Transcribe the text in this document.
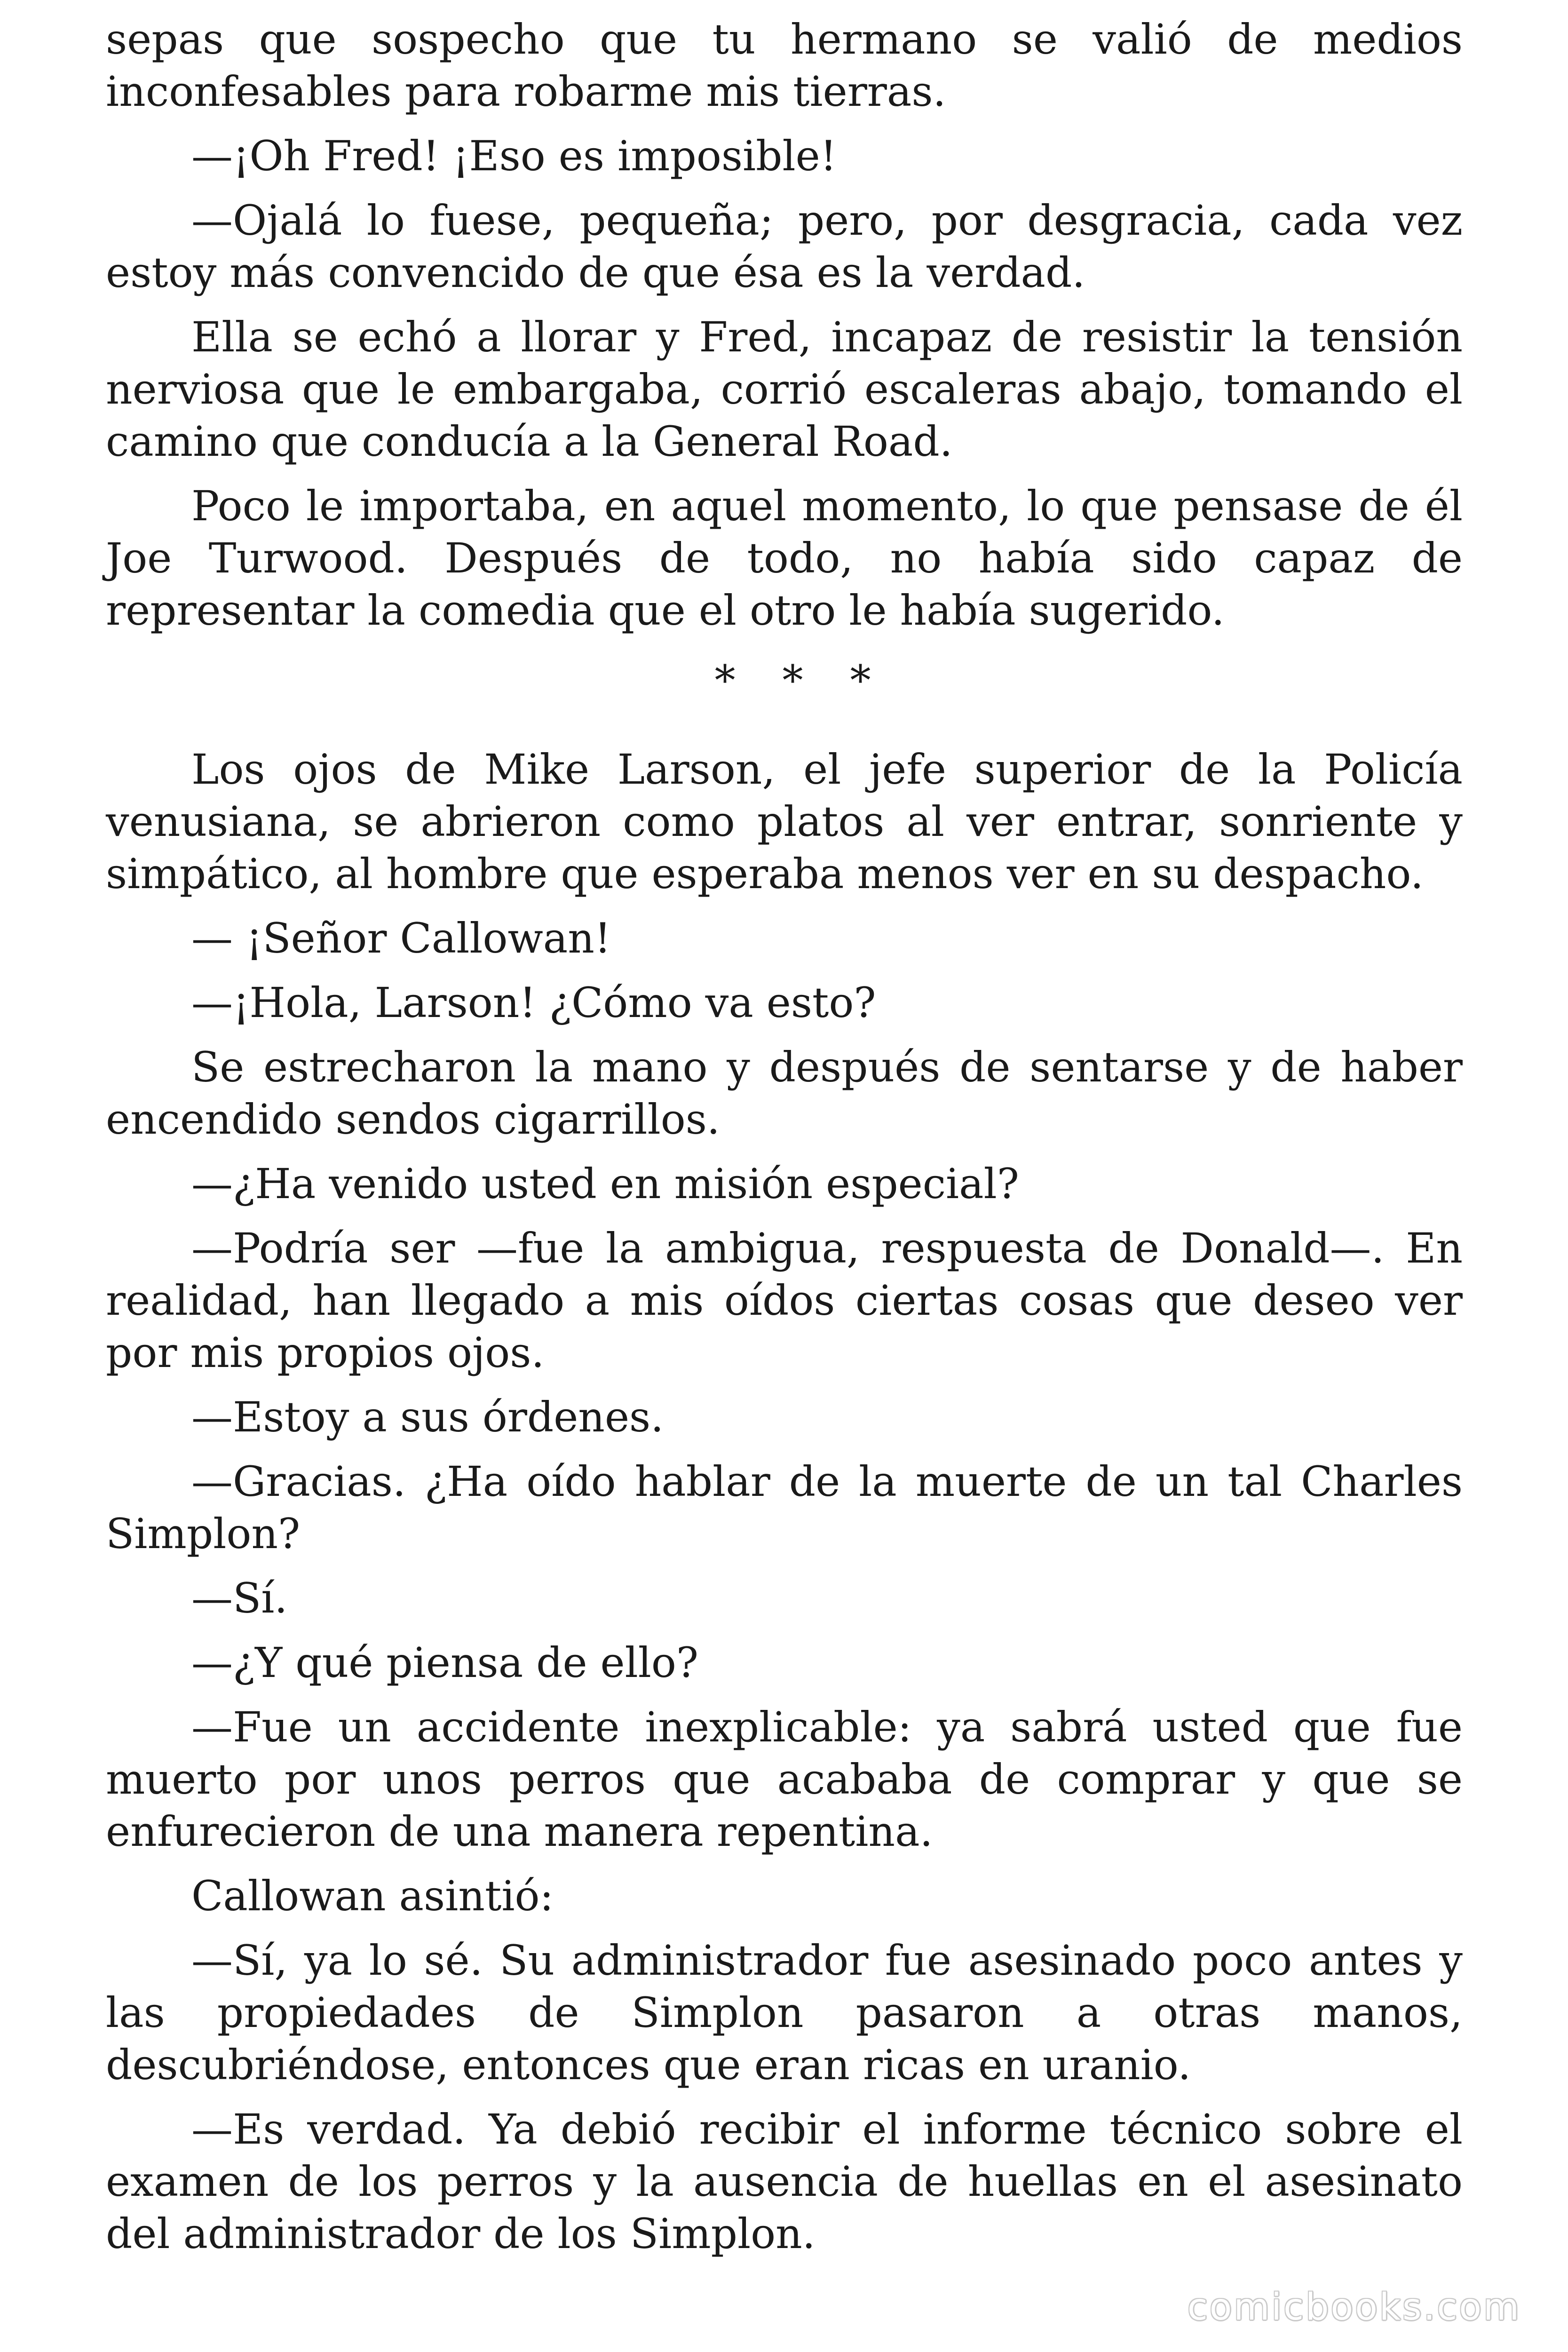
sepas que sospecho que tu hermano se valió de medios inconfesables para robarme mis tierras.

—¡Oh Fred! ¡Eso es imposible!

—Ojalá lo fuese, pequeña; pero, por desgracia, cada vez estoy más convencido de que ésa es la verdad.

Ella se echó a llorar y Fred, incapaz de resistir la tensión nerviosa que le embargaba, corrió escaleras abajo, tomando el camino que conducía a la General Road.

Poco le importaba, en aquel momento, lo que pensase de él Joe Turwood. Después de todo, no había sido capaz de representar la comedia que el otro le había sugerido.

* * *

Los ojos de Mike Larson, el jefe superior de la Policía venusiana, se abrieron como platos al ver entrar, sonriente y simpático, al hombre que esperaba menos ver en su despacho.

— ¡Señor Callowan!

—¡Hola, Larson! ¿Cómo va esto?

Se estrecharon la mano y después de sentarse y de haber encendido sendos cigarrillos.

—¿Ha venido usted en misión especial?

—Podría ser —fue la ambigua, respuesta de Donald—. En realidad, han llegado a mis oídos ciertas cosas que deseo ver por mis propios ojos.

—Estoy a sus órdenes.

—Gracias. ¿Ha oído hablar de la muerte de un tal Charles Simplon?

—Sí.

—¿Y qué piensa de ello?

—Fue un accidente inexplicable: ya sabrá usted que fue muerto por unos perros que acababa de comprar y que se enfurecieron de una manera repentina.

Callowan asintió:

—Sí, ya lo sé. Su administrador fue asesinado poco antes y las propiedades de Simplon pasaron a otras manos, descubriéndose, entonces que eran ricas en uranio.

—Es verdad. Ya debió recibir el informe técnico sobre el examen de los perros y la ausencia de huellas en el asesinato del administrador de los Simplon.

comicbooks.com
